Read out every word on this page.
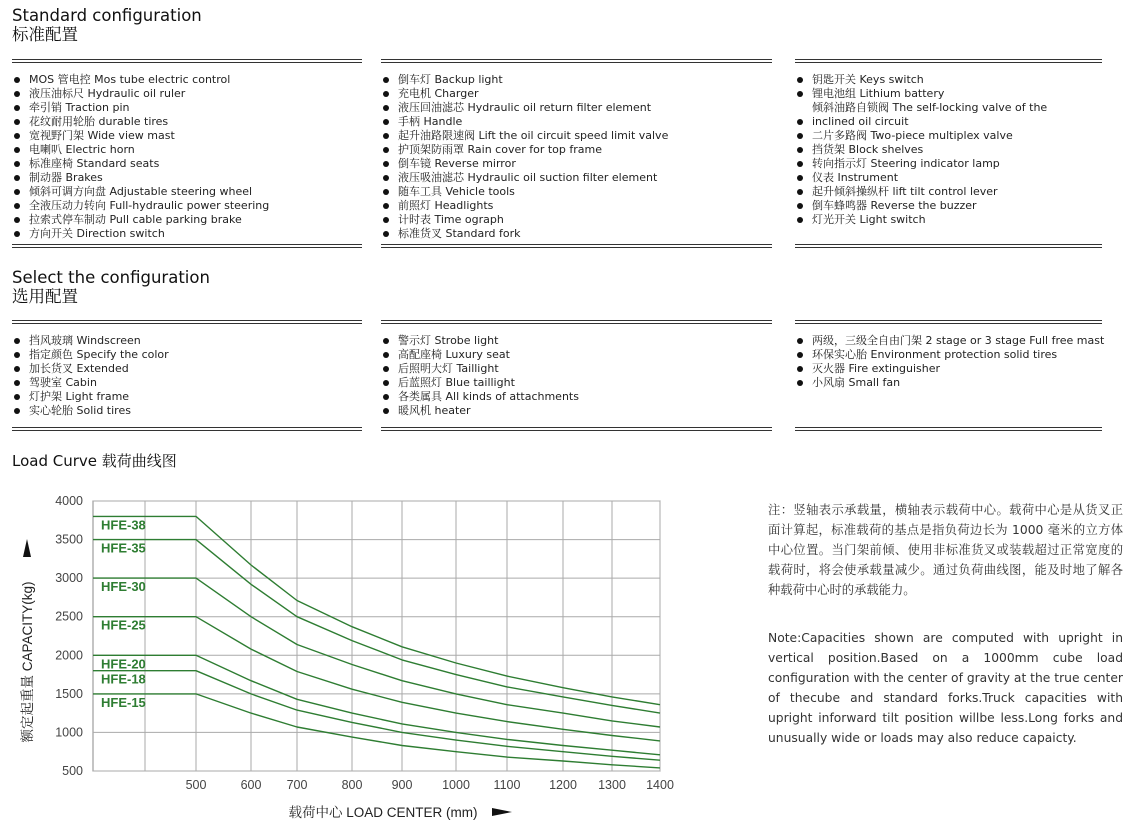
Standard configuration
标准配置
MOS 管电控 Mos tube electric control
液压油标尺 Hydraulic oil ruler
牵引销 Traction pin
花纹耐用轮胎 durable tires
宽视野门架 Wide view mast
电喇叭 Electric horn
标准座椅 Standard seats
制动器 Brakes
倾斜可调方向盘 Adjustable steering wheel
全液压动力转向 Full-hydraulic power steering
拉索式停车制动 Pull cable parking brake
方向开关 Direction switch
倒车灯 Backup light
充电机 Charger
液压回油滤芯 Hydraulic oil return filter element
手柄 Handle
起升油路限速阀 Lift the oil circuit speed limit valve
护顶架防雨罩 Rain cover for top frame
倒车镜 Reverse mirror
液压吸油滤芯 Hydraulic oil suction filter element
随车工具 Vehicle tools
前照灯 Headlights
计时表 Time ograph
标准货叉 Standard fork
钥匙开关 Keys switch
锂电池组 Lithium battery
倾斜油路自锁阀 The self-locking valve of the
inclined oil circuit
二片多路阀 Two-piece multiplex valve
挡货架 Block shelves
转向指示灯 Steering indicator lamp
仪表 Instrument
起升倾斜操纵杆 lift tilt control lever
倒车蜂鸣器 Reverse the buzzer
灯光开关 Light switch
Select the configuration
选用配置
挡风玻璃 Windscreen
指定颜色 Specify the color
加长货叉 Extended
驾驶室 Cabin
灯护架 Light frame
实心轮胎 Solid tires
警示灯 Strobe light
高配座椅 Luxury seat
后照明大灯 Taillight
后蓝照灯 Blue taillight
各类属具 All kinds of attachments
暖风机 heater
两级，三级全自由门架 2 stage or 3 stage Full free mast
环保实心胎 Environment protection solid tires
灭火器 Fire extinguisher
小风扇 Small fan
Load Curve 载荷曲线图
HFE-38
HFE-35
HFE-30
HFE-25
HFE-20
HFE-18
HFE-15
500
1000
1500
2000
2500
3000
3500
4000
500	600 700	800 900 1000 1100 1200 1300 1400
载荷中心 LOAD CENTER (mm)
额定起重量 CAPACITY(kg)
注：竖轴表示承载量，横轴表示载荷中心。载荷中心是从货叉正面计算起，标准载荷的基点是指负荷边长为 1000 毫米的立方体中心位置。当门架前倾、使用非标准货叉或装载超过正常宽度的载荷时，将会使承载量减少。通过负荷曲线图，能及时地了解各种载荷中心时的承载能力。
Note:Capacities shown are computed with upright in vertical position.Based on a 1000mm cube load configuration with the center of gravity at the true center of thecube and standard forks.Truck capacities with upright inforward tilt position willbe less.Long forks and unusually wide or loads may also reduce capaicty.
